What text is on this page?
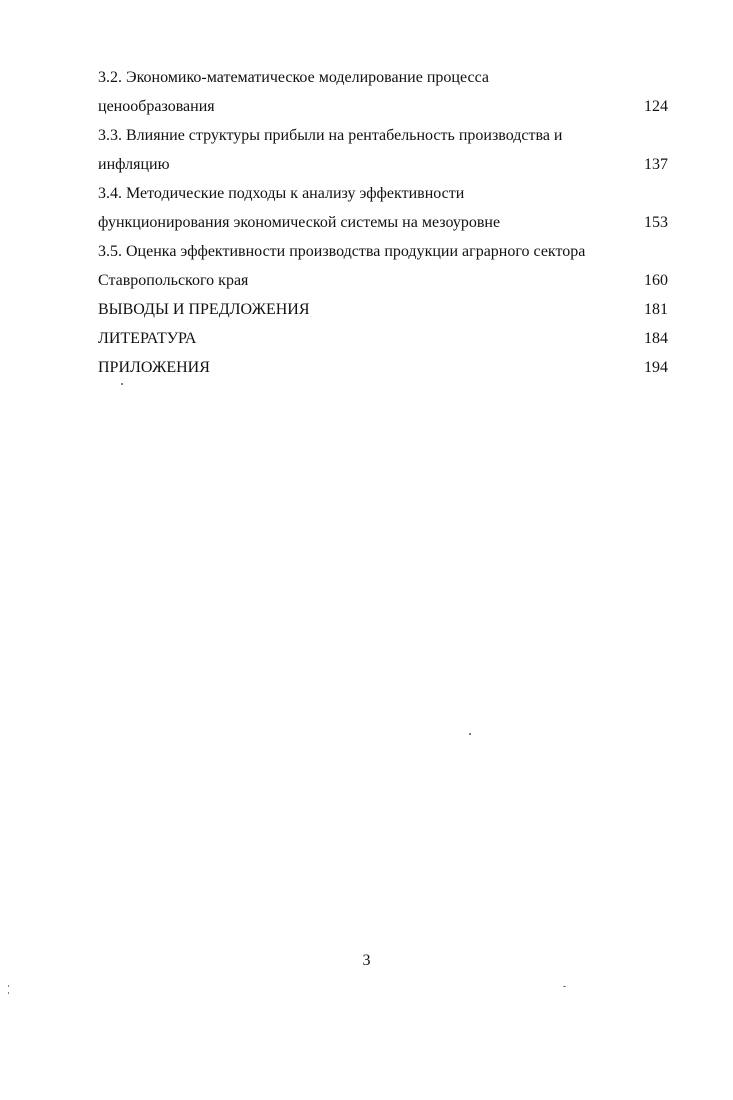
3.2. Экономико-математическое моделирование процесса
ценообразования	124
3.3. Влияние структуры прибыли на рентабельность производства и
инфляцию	137
3.4. Методические подходы к анализу эффективности
функционирования экономической системы на мезоуровне	153
3.5. Оценка эффективности производства продукции аграрного сектора
Ставропольского края	160
ВЫВОДЫ И ПРЕДЛОЖЕНИЯ	181
ЛИТЕРАТУРА	184
ПРИЛОЖЕНИЯ	194
3
